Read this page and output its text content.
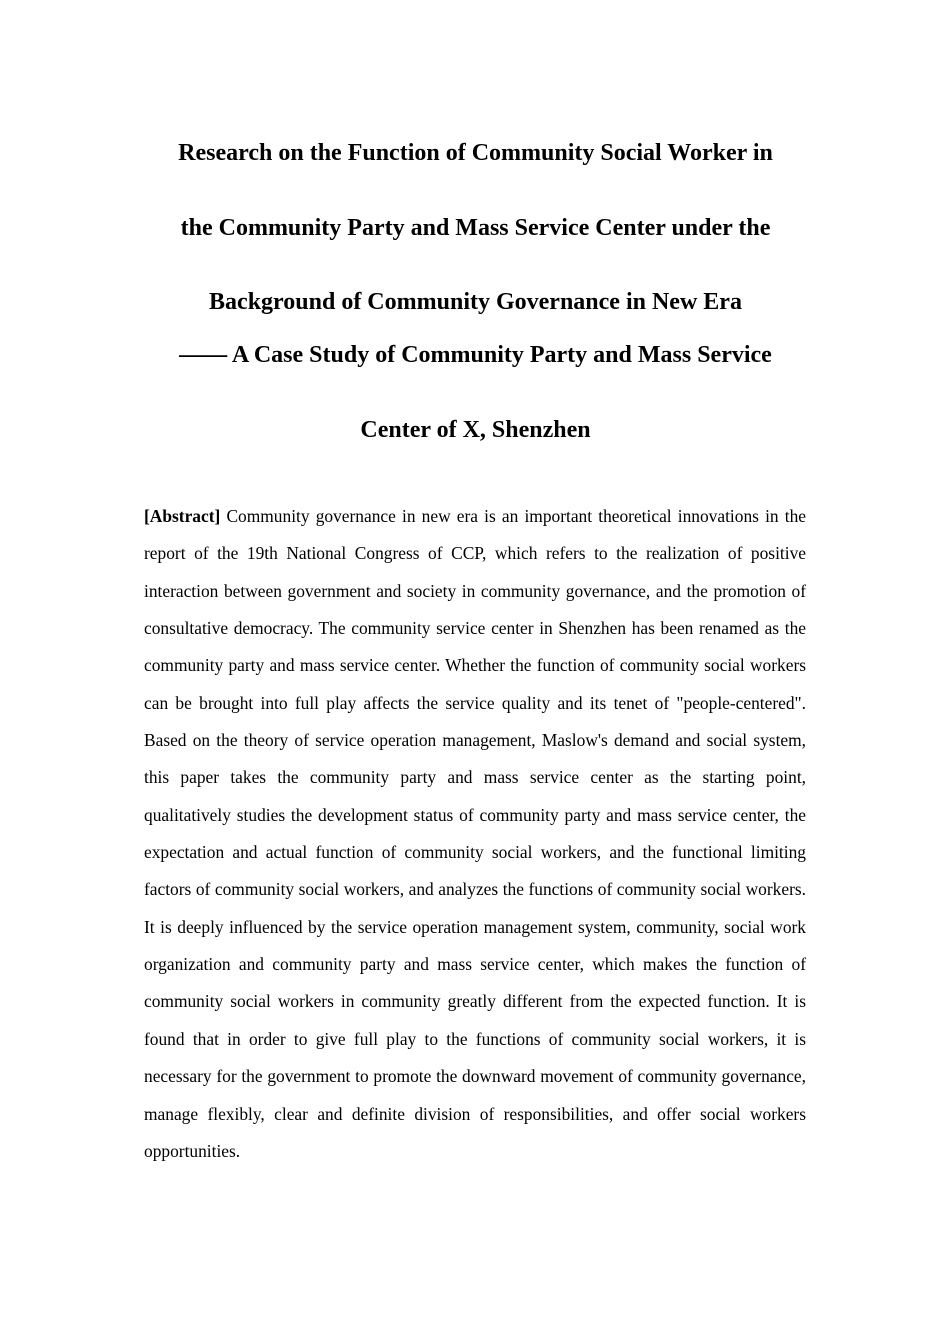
Research on the Function of Community Social Worker in
the Community Party and Mass Service Center under the
Background of Community Governance in New Era
—— A Case Study of Community Party and Mass Service
Center of X, Shenzhen
[Abstract] Community governance in new era is an important theoretical innovations in the report of the 19th National Congress of CCP, which refers to the realization of positive interaction between government and society in community governance, and the promotion of consultative democracy. The community service center in Shenzhen has been renamed as the community party and mass service center. Whether the function of community social workers can be brought into full play affects the service quality and its tenet of "people-centered". Based on the theory of service operation management, Maslow's demand and social system, this paper takes the community party and mass service center as the starting point, qualitatively studies the development status of community party and mass service center, the expectation and actual function of community social workers, and the functional limiting factors of community social workers, and analyzes the functions of community social workers. It is deeply influenced by the service operation management system, community, social work organization and community party and mass service center, which makes the function of community social workers in community greatly different from the expected function. It is found that in order to give full play to the functions of community social workers, it is necessary for the government to promote the downward movement of community governance, manage flexibly, clear and definite division of responsibilities, and offer social workers opportunities.
